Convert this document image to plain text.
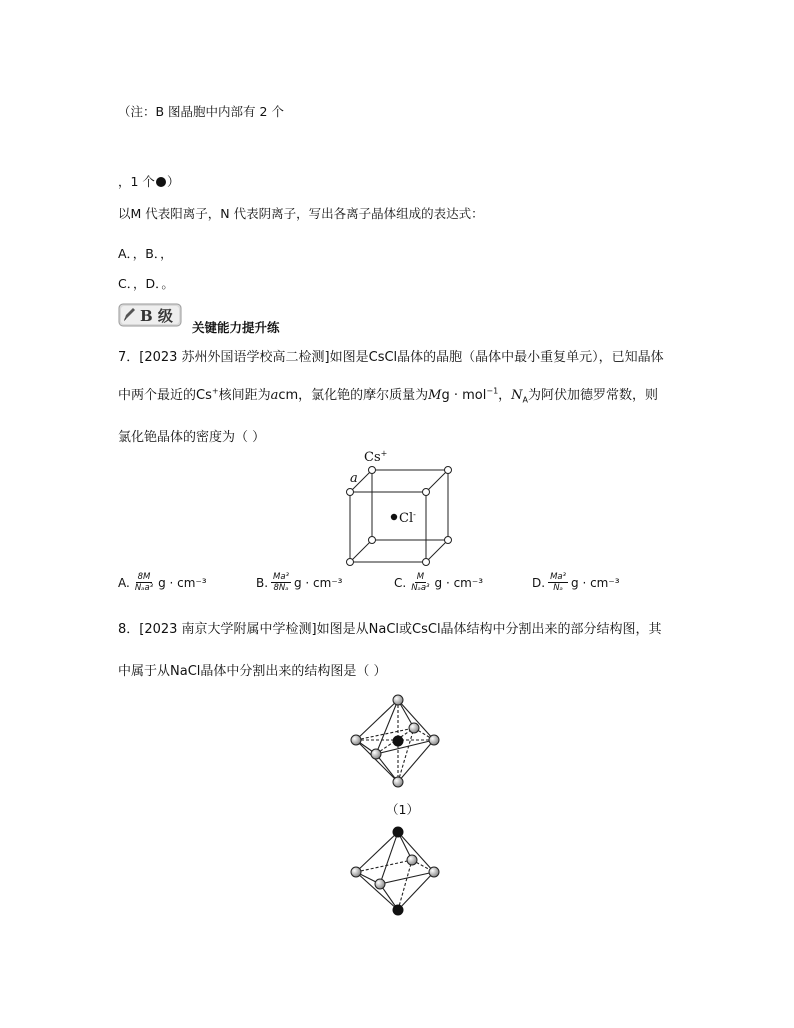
（注：B 图晶胞中内部有 2 个
，1 个 ）
以M 代表阳离子，N 代表阴离子，写出各离子晶体组成的表达式：
A．，B．，
C．，D．。
B 级
关键能力提升练
7．[2023 苏州外国语学校高二检测]如图是CsCl晶体的晶胞（晶体中最小重复单元），已知晶体
中两个最近的Cs+核间距为acm，氯化铯的摩尔质量为Mg · mol$^{-1}$，$N_A$为阿伏加德罗常数，则
氯化铯晶体的密度为（ ）
Cs+
a
Cl-
A. $\frac{8M}{\text{Nₐa³}}$ g · cm⁻³	B. $\frac{\text{Ma³}}{\text{8Nₐ}}$ g · cm⁻³	C. $\frac{M}{\text{Nₐa³}}$ g · cm⁻³	D. $\frac{\text{Ma³}}{\text{Nₐ}}$ g · cm⁻³
8．[2023 南京大学附属中学检测]如图是从NaCl或CsCl晶体结构中分割出来的部分结构图，其
中属于从NaCl晶体中分割出来的结构图是（ ）
（1）
